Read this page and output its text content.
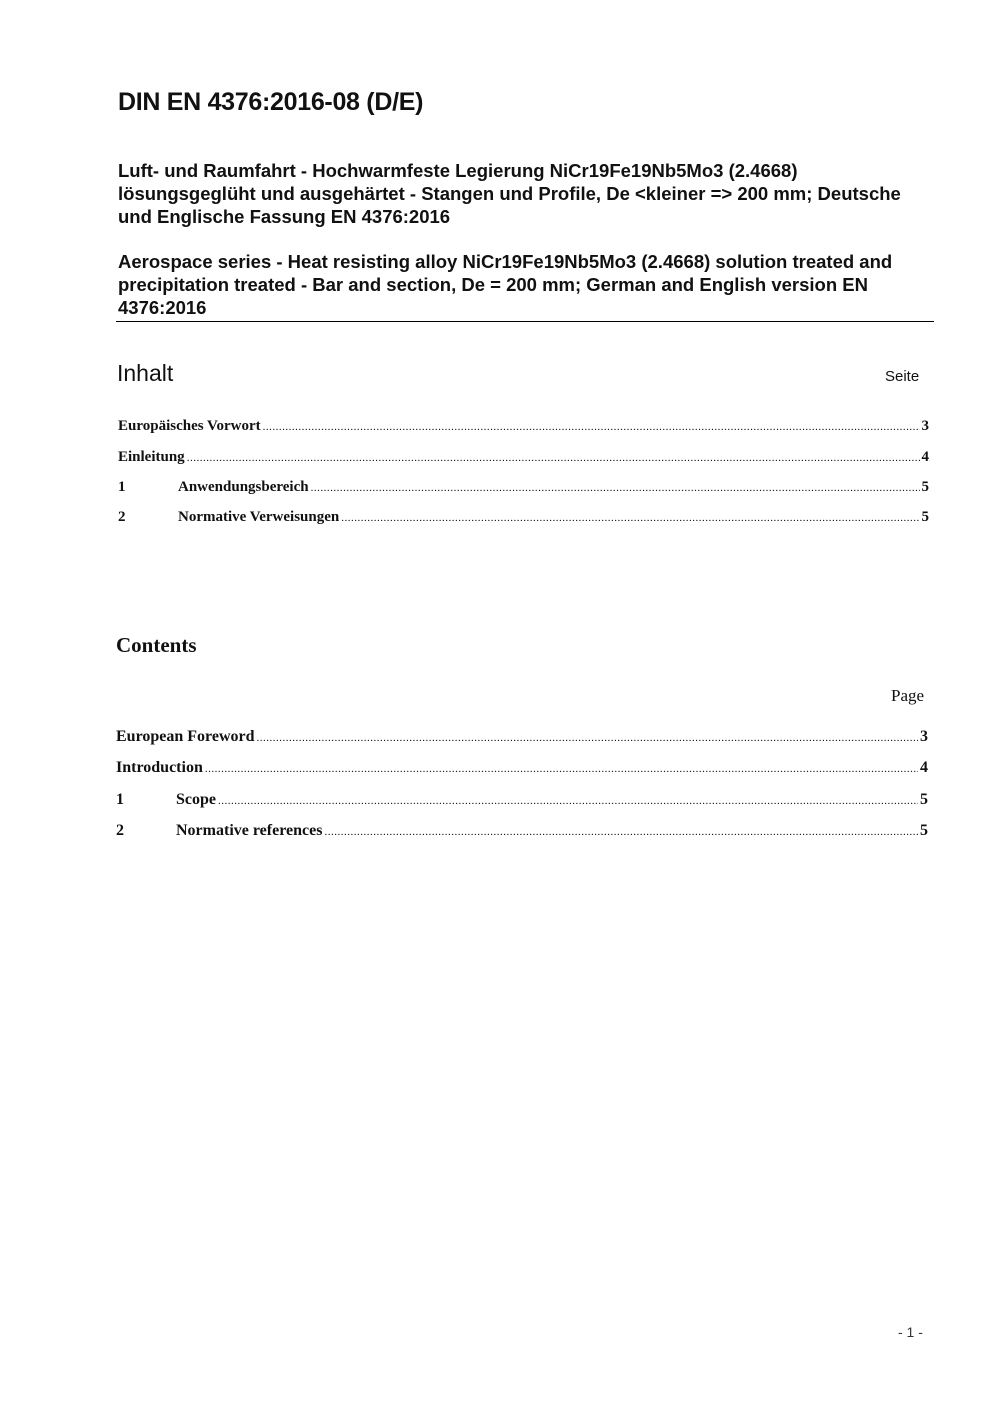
DIN EN 4376:2016-08 (D/E)
Luft- und Raumfahrt - Hochwarmfeste Legierung NiCr19Fe19Nb5Mo3 (2.4668) lösungsgeglüht und ausgehärtet - Stangen und Profile, De <kleiner => 200 mm; Deutsche und Englische Fassung EN 4376:2016
Aerospace series - Heat resisting alloy NiCr19Fe19Nb5Mo3 (2.4668) solution treated and precipitation treated - Bar and section, De = 200 mm; German and English version EN 4376:2016
Inhalt	Seite
Europäisches Vorwort .....	3
Einleitung .....	4
1	Anwendungsbereich .....	5
2	Normative Verweisungen .....	5
Contents
Page
European Foreword .....	3
Introduction .....	4
1	Scope .....	5
2	Normative references .....	5
- 1 -
